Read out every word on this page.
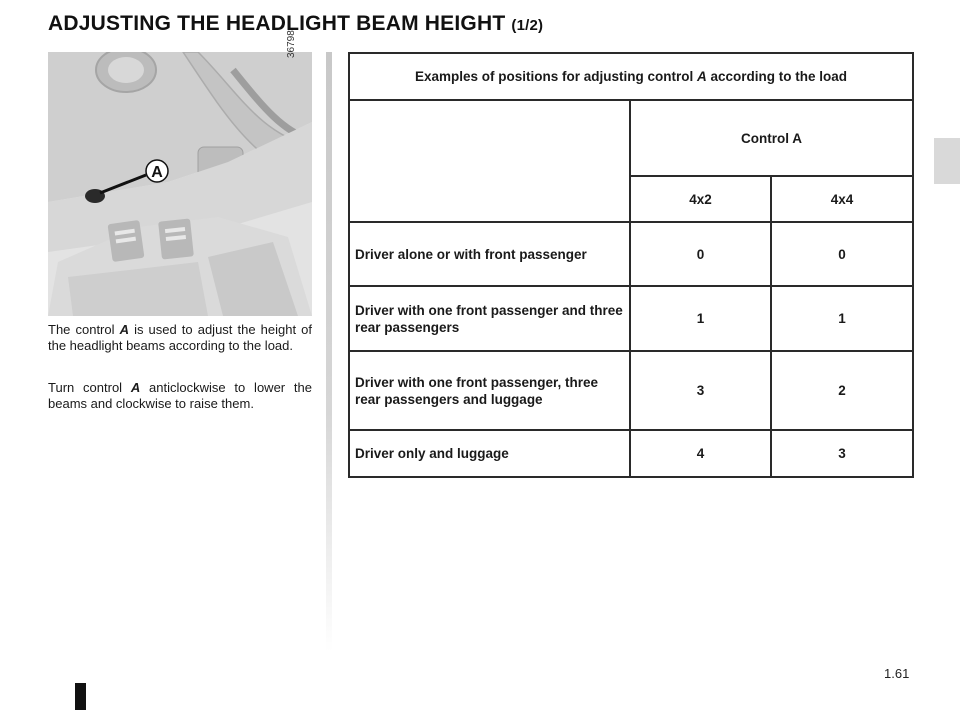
ADJUSTING THE HEADLIGHT BEAM HEIGHT (1/2)
A
36798

The control A is used to adjust the height of the headlight beams according to the load.

Turn control A anticlockwise to lower the beams and clockwise to raise them.

Examples of positions for adjusting control A according to the load		
	Control A	
	4x2	4x4
Driver alone or with front passenger	0	0
Driver with one front passenger and three rear passengers	1	1
Driver with one front passenger, three rear passengers and luggage	3	2
Driver only and luggage	4	3
1.61
